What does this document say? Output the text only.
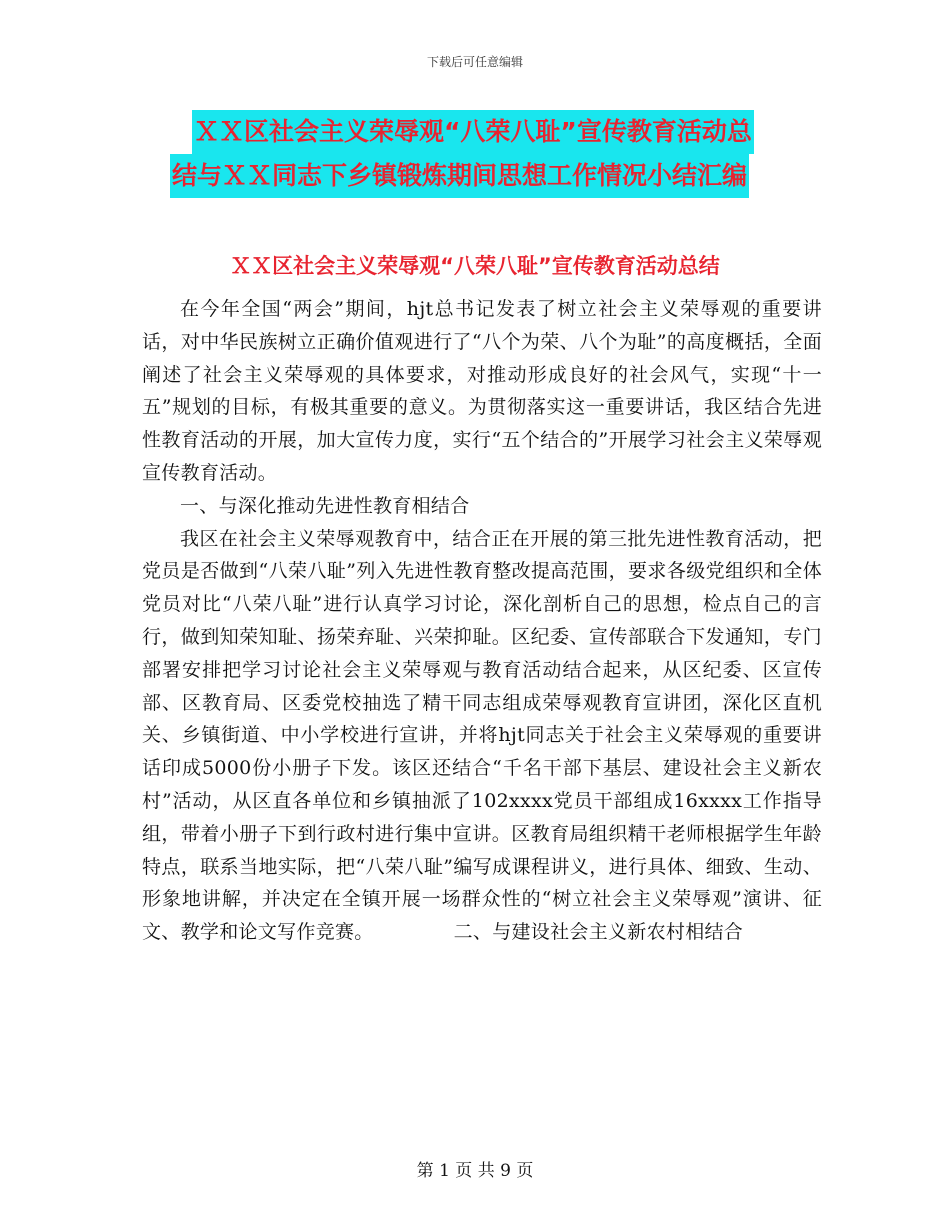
下载后可任意编辑
ＸＸ区社会主义荣辱观“八荣八耻”宣传教育活动总
结与ＸＸ同志下乡镇锻炼期间思想工作情况小结汇编
ＸＸ区社会主义荣辱观“八荣八耻”宣传教育活动总结

在今年全国“两会”期间，hjt总书记发表了树立社会主义荣辱观的重要讲话，对中华民族树立正确价值观进行了“八个为荣、八个为耻”的高度概括，全面阐述了社会主义荣辱观的具体要求，对推动形成良好的社会风气，实现“十一五”规划的目标，有极其重要的意义。为贯彻落实这一重要讲话，我区结合先进性教育活动的开展，加大宣传力度，实行“五个结合的”开展学习社会主义荣辱观宣传教育活动。

一、与深化推动先进性教育相结合

我区在社会主义荣辱观教育中，结合正在开展的第三批先进性教育活动，把党员是否做到“八荣八耻”列入先进性教育整改提高范围，要求各级党组织和全体党员对比“八荣八耻”进行认真学习讨论，深化剖析自己的思想，检点自己的言行，做到知荣知耻、扬荣弃耻、兴荣抑耻。区纪委、宣传部联合下发通知，专门部署安排把学习讨论社会主义荣辱观与教育活动结合起来，从区纪委、区宣传部、区教育局、区委党校抽选了精干同志组成荣辱观教育宣讲团，深化区直机关、乡镇街道、中小学校进行宣讲，并将hjt同志关于社会主义荣辱观的重要讲话印成5000份小册子下发。该区还结合“千名干部下基层、建设社会主义新农村”活动，从区直各单位和乡镇抽派了102xxxx党员干部组成16xxxx工作指导组，带着小册子下到行政村进行集中宣讲。区教育局组织精干老师根据学生年龄特点，联系当地实际，把“八荣八耻”编写成课程讲义，进行具体、细致、生动、形象地讲解，并决定在全镇开展一场群众性的“树立社会主义荣辱观”演讲、征文、教学和论文写作竞赛。	二、与建设社会主义新农村相结合

第 1 页 共 9 页
